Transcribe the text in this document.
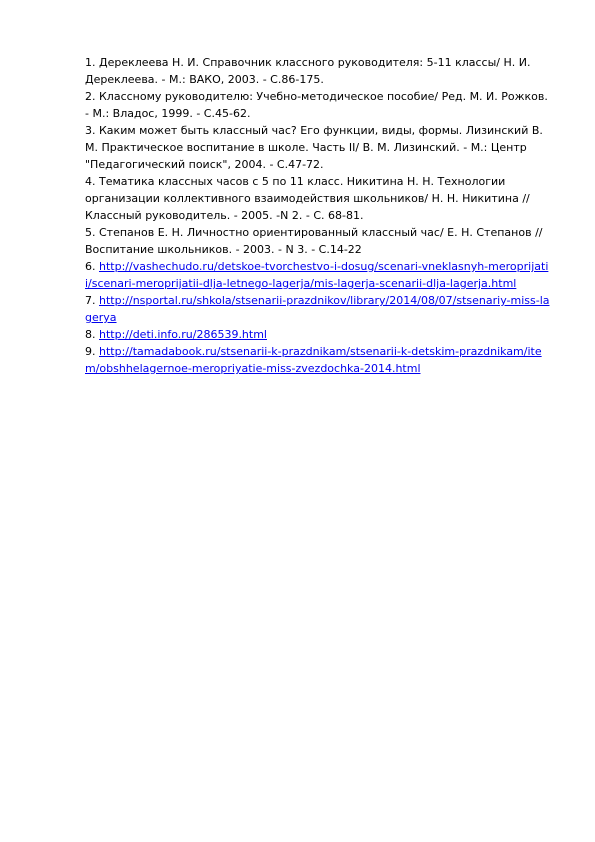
1. Дереклеева Н. И. Справочник классного руководителя: 5-11 классы/ Н. И. Дереклеева. - М.: ВАКО, 2003. - С.86-175.
2. Классному руководителю: Учебно-методическое пособие/ Ред. М. И. Рожков. - М.: Владос, 1999. - С.45-62.
3. Каким может быть классный час? Его функции, виды, формы. Лизинский В. М. Практическое воспитание в школе. Часть II/ В. М. Лизинский. - М.: Центр "Педагогический поиск", 2004. - С.47-72.
4. Тематика классных часов с 5 по 11 класс. Никитина Н. Н. Технологии организации коллективного взаимодействия школьников/ Н. Н. Никитина //Классный руководитель. - 2005. -N 2. - С. 68-81.
5. Степанов Е. Н. Личностно ориентированный классный час/ Е. Н. Степанов //Воспитание школьников. - 2003. - N 3. - С.14-22
6. http://vashechudo.ru/detskoe-tvorchestvo-i-dosug/scenari-vneklasnyh-meroprijatii/scenari-meroprijatii-dlja-letnego-lagerja/mis-lagerja-scenarii-dlja-lagerja.html
7. http://nsportal.ru/shkola/stsenarii-prazdnikov/library/2014/08/07/stsenariy-miss-lagerya
8. http://deti.info.ru/286539.html
9. http://tamadabook.ru/stsenarii-k-prazdnikam/stsenarii-k-detskim-prazdnikam/item/obshhelagernoe-meropriyatie-miss-zvezdochka-2014.html
